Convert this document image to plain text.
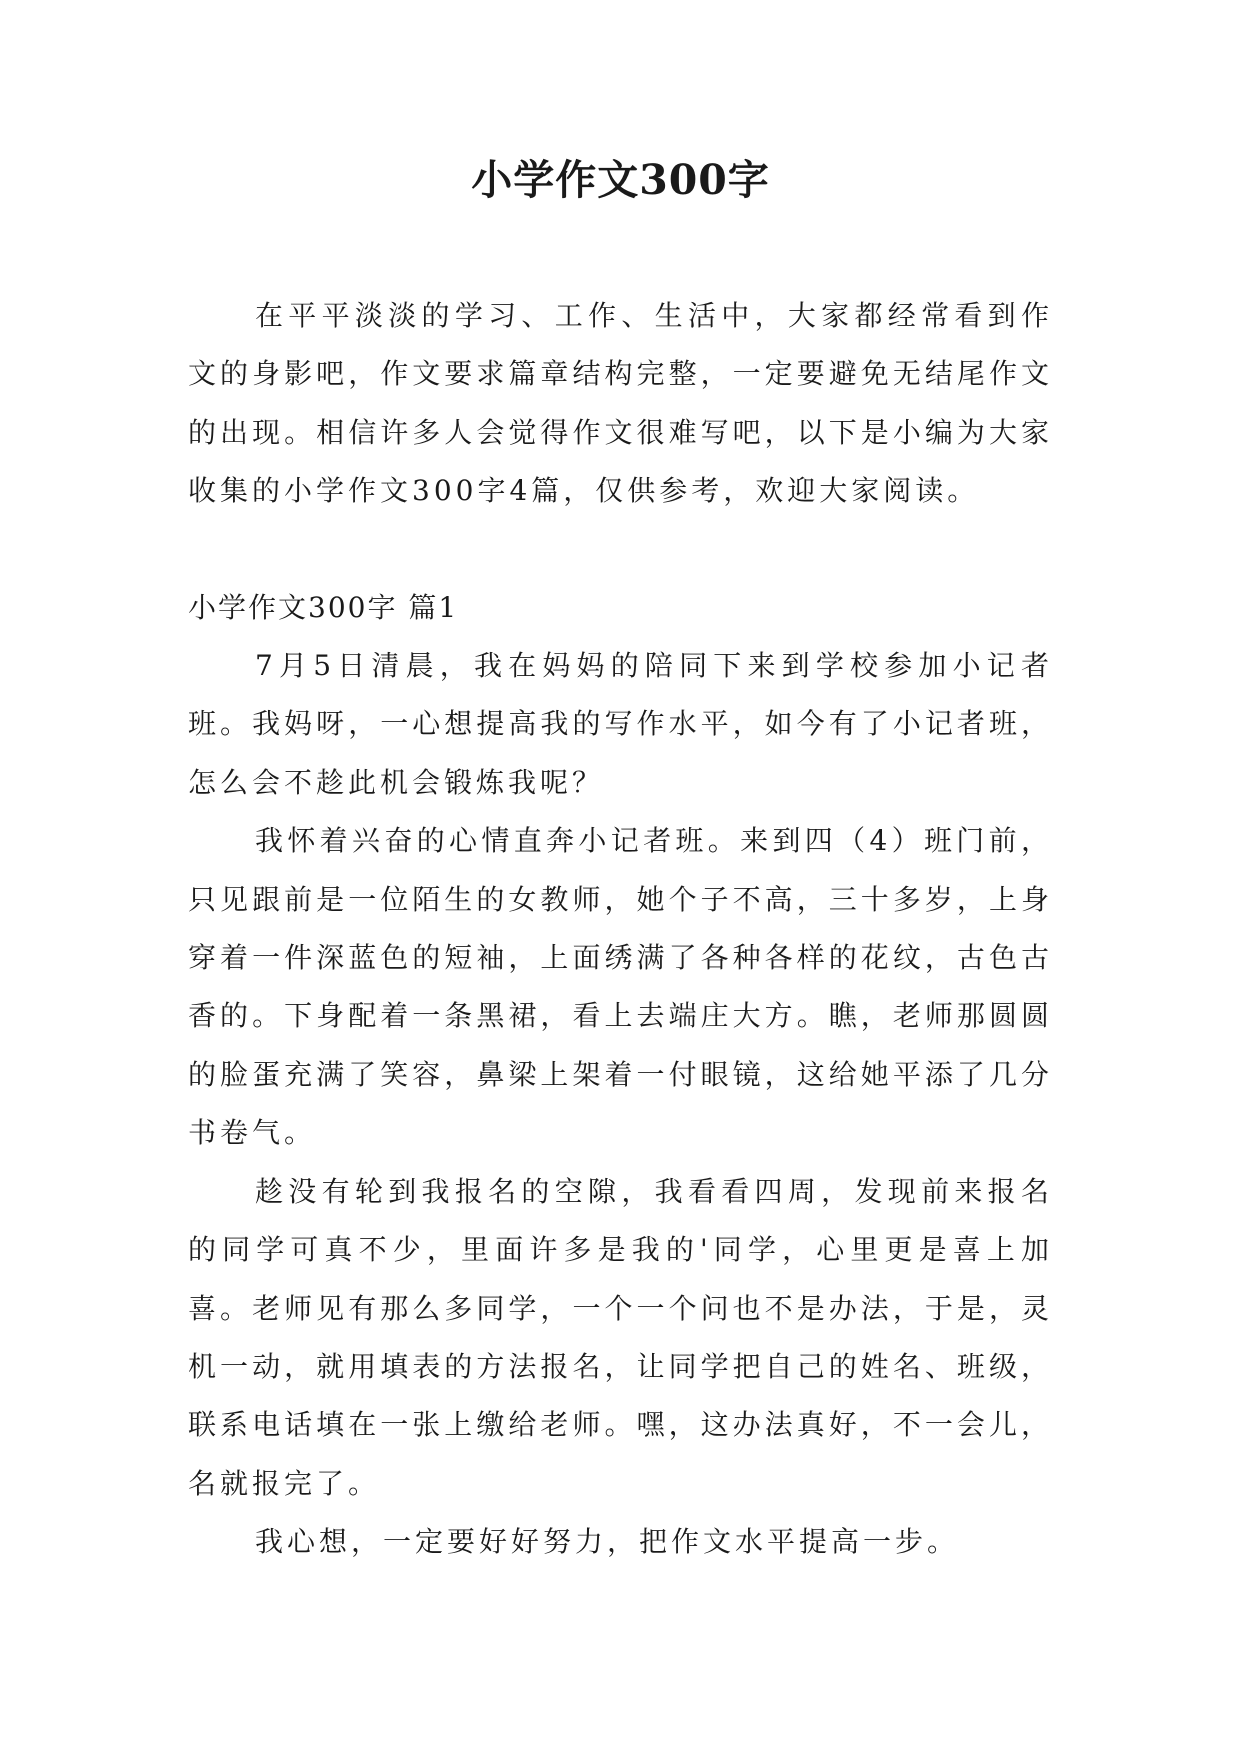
小学作文300字

在平平淡淡的学习、工作、生活中，大家都经常看到作文的身影吧，作文要求篇章结构完整，一定要避免无结尾作文的出现。相信许多人会觉得作文很难写吧，以下是小编为大家收集的小学作文300字4篇，仅供参考，欢迎大家阅读。

小学作文300字 篇1

7月5日清晨，我在妈妈的陪同下来到学校参加小记者班。我妈呀，一心想提高我的写作水平，如今有了小记者班，怎么会不趁此机会锻炼我呢？

我怀着兴奋的心情直奔小记者班。来到四（4）班门前，只见跟前是一位陌生的女教师，她个子不高，三十多岁，上身穿着一件深蓝色的短袖，上面绣满了各种各样的花纹，古色古香的。下身配着一条黑裙，看上去端庄大方。瞧，老师那圆圆的脸蛋充满了笑容，鼻梁上架着一付眼镜，这给她平添了几分书卷气。

趁没有轮到我报名的空隙，我看看四周，发现前来报名的同学可真不少，里面许多是我的'同学，心里更是喜上加喜。老师见有那么多同学，一个一个问也不是办法，于是，灵机一动，就用填表的方法报名，让同学把自己的姓名、班级，联系电话填在一张上缴给老师。嘿，这办法真好，不一会儿，名就报完了。

我心想，一定要好好努力，把作文水平提高一步。
